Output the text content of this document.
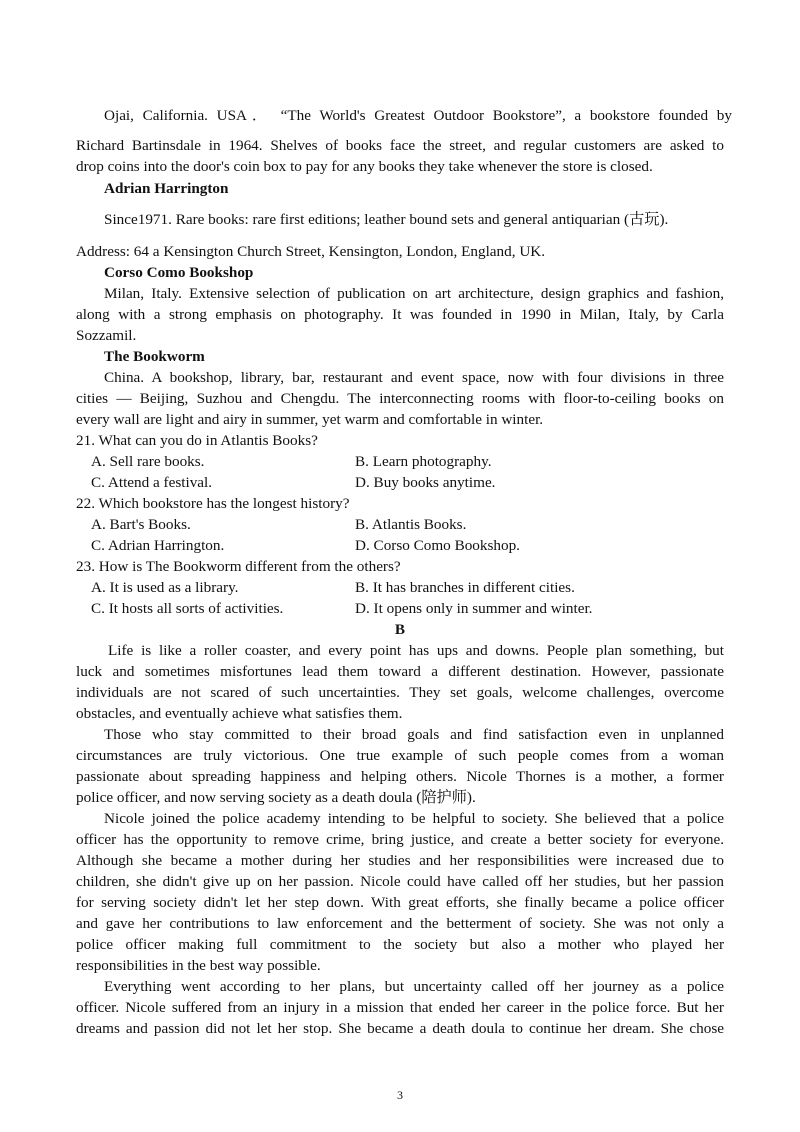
Ojai, California. USA． “The World's Greatest Outdoor Bookstore”, a bookstore founded by
Richard Bartinsdale in 1964. Shelves of books face the street, and regular customers are asked to
drop coins into the door's coin box to pay for any books they take whenever the store is closed.
Adrian Harrington
Since1971. Rare books: rare first editions; leather bound sets and general antiquarian (古玩).
Address: 64 a Kensington Church Street, Kensington, London, England, UK.
Corso Como Bookshop
Milan, Italy. Extensive selection of publication on art architecture, design graphics and fashion,
along with a strong emphasis on photography. It was founded in 1990 in Milan, Italy, by Carla
Sozzamil.
The Bookworm
China. A bookshop, library, bar, restaurant and event space, now with four divisions in three
cities — Beijing, Suzhou and Chengdu. The interconnecting rooms with floor-to-ceiling books on
every wall are light and airy in summer, yet warm and comfortable in winter.
21. What can you do in Atlantis Books?
A. Sell rare books.	B. Learn photography.
C. Attend a festival.	D. Buy books anytime.
22. Which bookstore has the longest history?
A. Bart's Books.	B. Atlantis Books.
C. Adrian Harrington.	D. Corso Como Bookshop.
23. How is The Bookworm different from the others?
A. It is used as a library.	B. It has branches in different cities.
C. It hosts all sorts of activities.	D. It opens only in summer and winter.
B
Life is like a roller coaster, and every point has ups and downs. People plan something, but
luck and sometimes misfortunes lead them toward a different destination. However, passionate
individuals are not scared of such uncertainties. They set goals, welcome challenges, overcome
obstacles, and eventually achieve what satisfies them.
Those who stay committed to their broad goals and find satisfaction even in unplanned
circumstances are truly victorious. One true example of such people comes from a woman
passionate about spreading happiness and helping others. Nicole Thornes is a mother, a former
police officer, and now serving society as a death doula (陪护师).
Nicole joined the police academy intending to be helpful to society. She believed that a police
officer has the opportunity to remove crime, bring justice, and create a better society for everyone.
Although she became a mother during her studies and her responsibilities were increased due to
children, she didn't give up on her passion. Nicole could have called off her studies, but her passion
for serving society didn't let her step down. With great efforts, she finally became a police officer
and gave her contributions to law enforcement and the betterment of society. She was not only a
police officer making full commitment to the society but also a mother who played her
responsibilities in the best way possible.
Everything went according to her plans, but uncertainty called off her journey as a police
officer. Nicole suffered from an injury in a mission that ended her career in the police force. But her
dreams and passion did not let her stop. She became a death doula to continue her dream. She chose
3
